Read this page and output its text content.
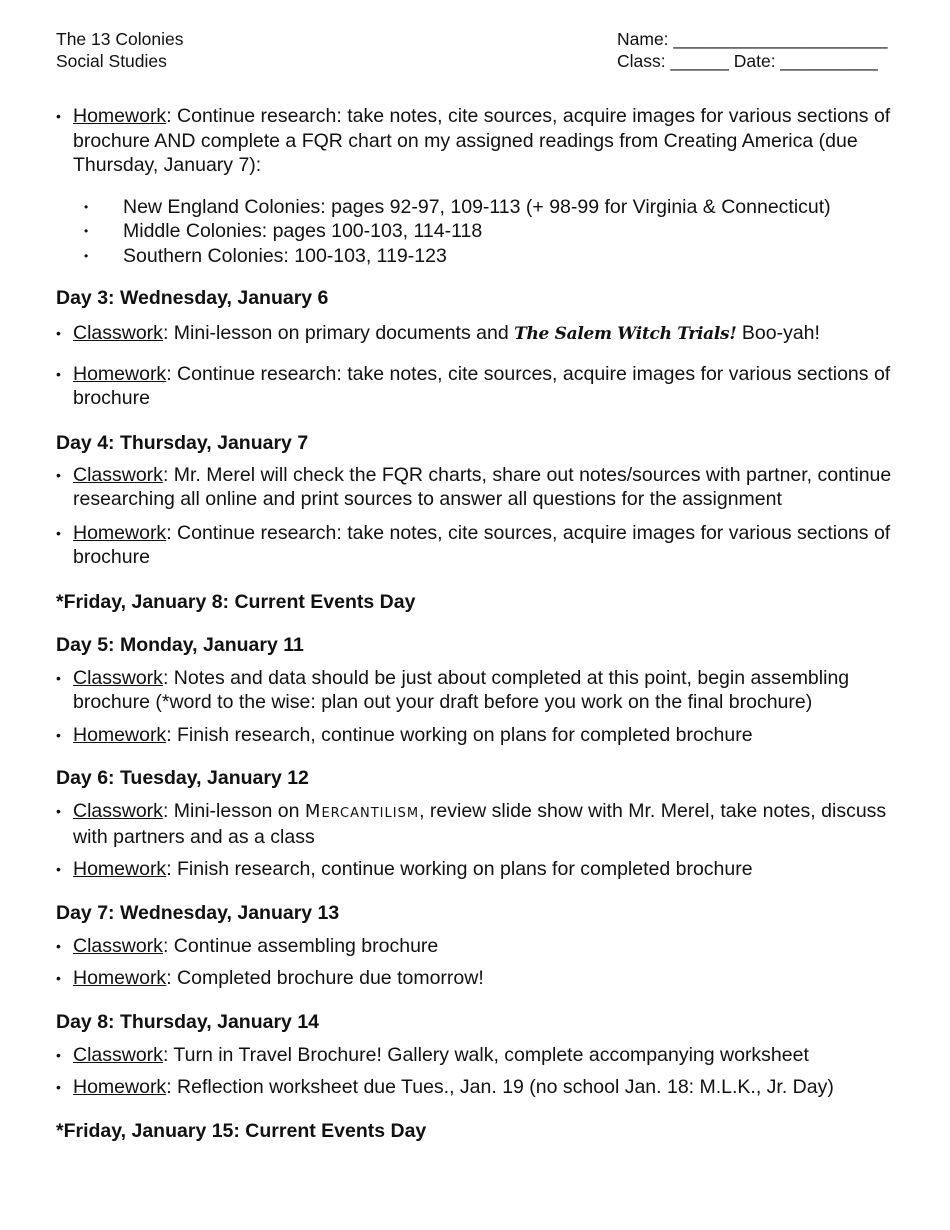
The 13 Colonies
Social Studies
Name: ______________________
Class: ______ Date: __________
• Homework: Continue research: take notes, cite sources, acquire images for various sections of brochure AND complete a FQR chart on my assigned readings from Creating America (due Thursday, January 7):
• New England Colonies: pages 92-97, 109-113 (+ 98-99 for Virginia & Connecticut)
• Middle Colonies: pages 100-103, 114-118
• Southern Colonies: 100-103, 119-123
Day 3: Wednesday, January 6
• Classwork: Mini-lesson on primary documents and The Salem Witch Trials! Boo-yah!
• Homework: Continue research: take notes, cite sources, acquire images for various sections of brochure
Day 4: Thursday, January 7
• Classwork: Mr. Merel will check the FQR charts, share out notes/sources with partner, continue researching all online and print sources to answer all questions for the assignment
• Homework: Continue research: take notes, cite sources, acquire images for various sections of brochure
*Friday, January 8: Current Events Day
Day 5: Monday, January 11
• Classwork: Notes and data should be just about completed at this point, begin assembling brochure (*word to the wise: plan out your draft before you work on the final brochure)
• Homework: Finish research, continue working on plans for completed brochure
Day 6: Tuesday, January 12
• Classwork: Mini-lesson on Mercantilism, review slide show with Mr. Merel, take notes, discuss with partners and as a class
• Homework: Finish research, continue working on plans for completed brochure
Day 7: Wednesday, January 13
• Classwork: Continue assembling brochure
• Homework: Completed brochure due tomorrow!
Day 8: Thursday, January 14
• Classwork: Turn in Travel Brochure! Gallery walk, complete accompanying worksheet
• Homework: Reflection worksheet due Tues., Jan. 19 (no school Jan. 18: M.L.K., Jr. Day)
*Friday, January 15: Current Events Day
